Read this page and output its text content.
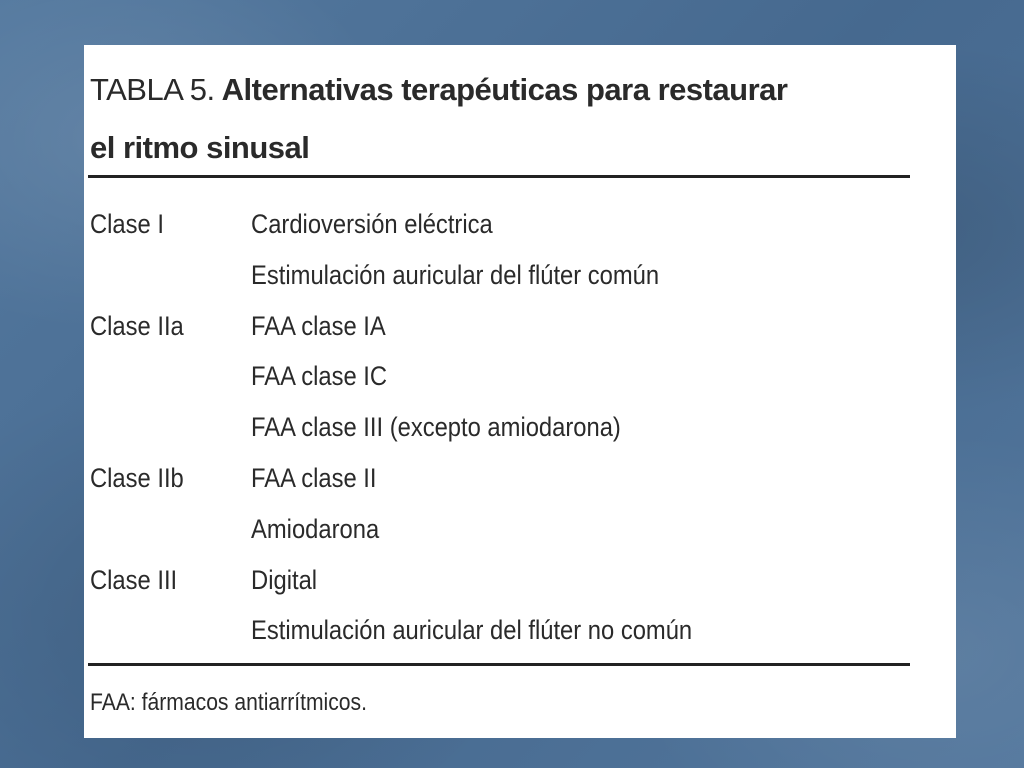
TABLA 5. Alternativas terapéuticas para restaurar
el ritmo sinusal
Clase I	Cardioversión eléctrica
Estimulación auricular del flúter común
Clase IIa FAA clase IA
FAA clase IC
FAA clase III (excepto amiodarona)
Clase IIb FAA clase II
Amiodarona
Clase III	Digital
Estimulación auricular del flúter no común
FAA: fármacos antiarrítmicos.
